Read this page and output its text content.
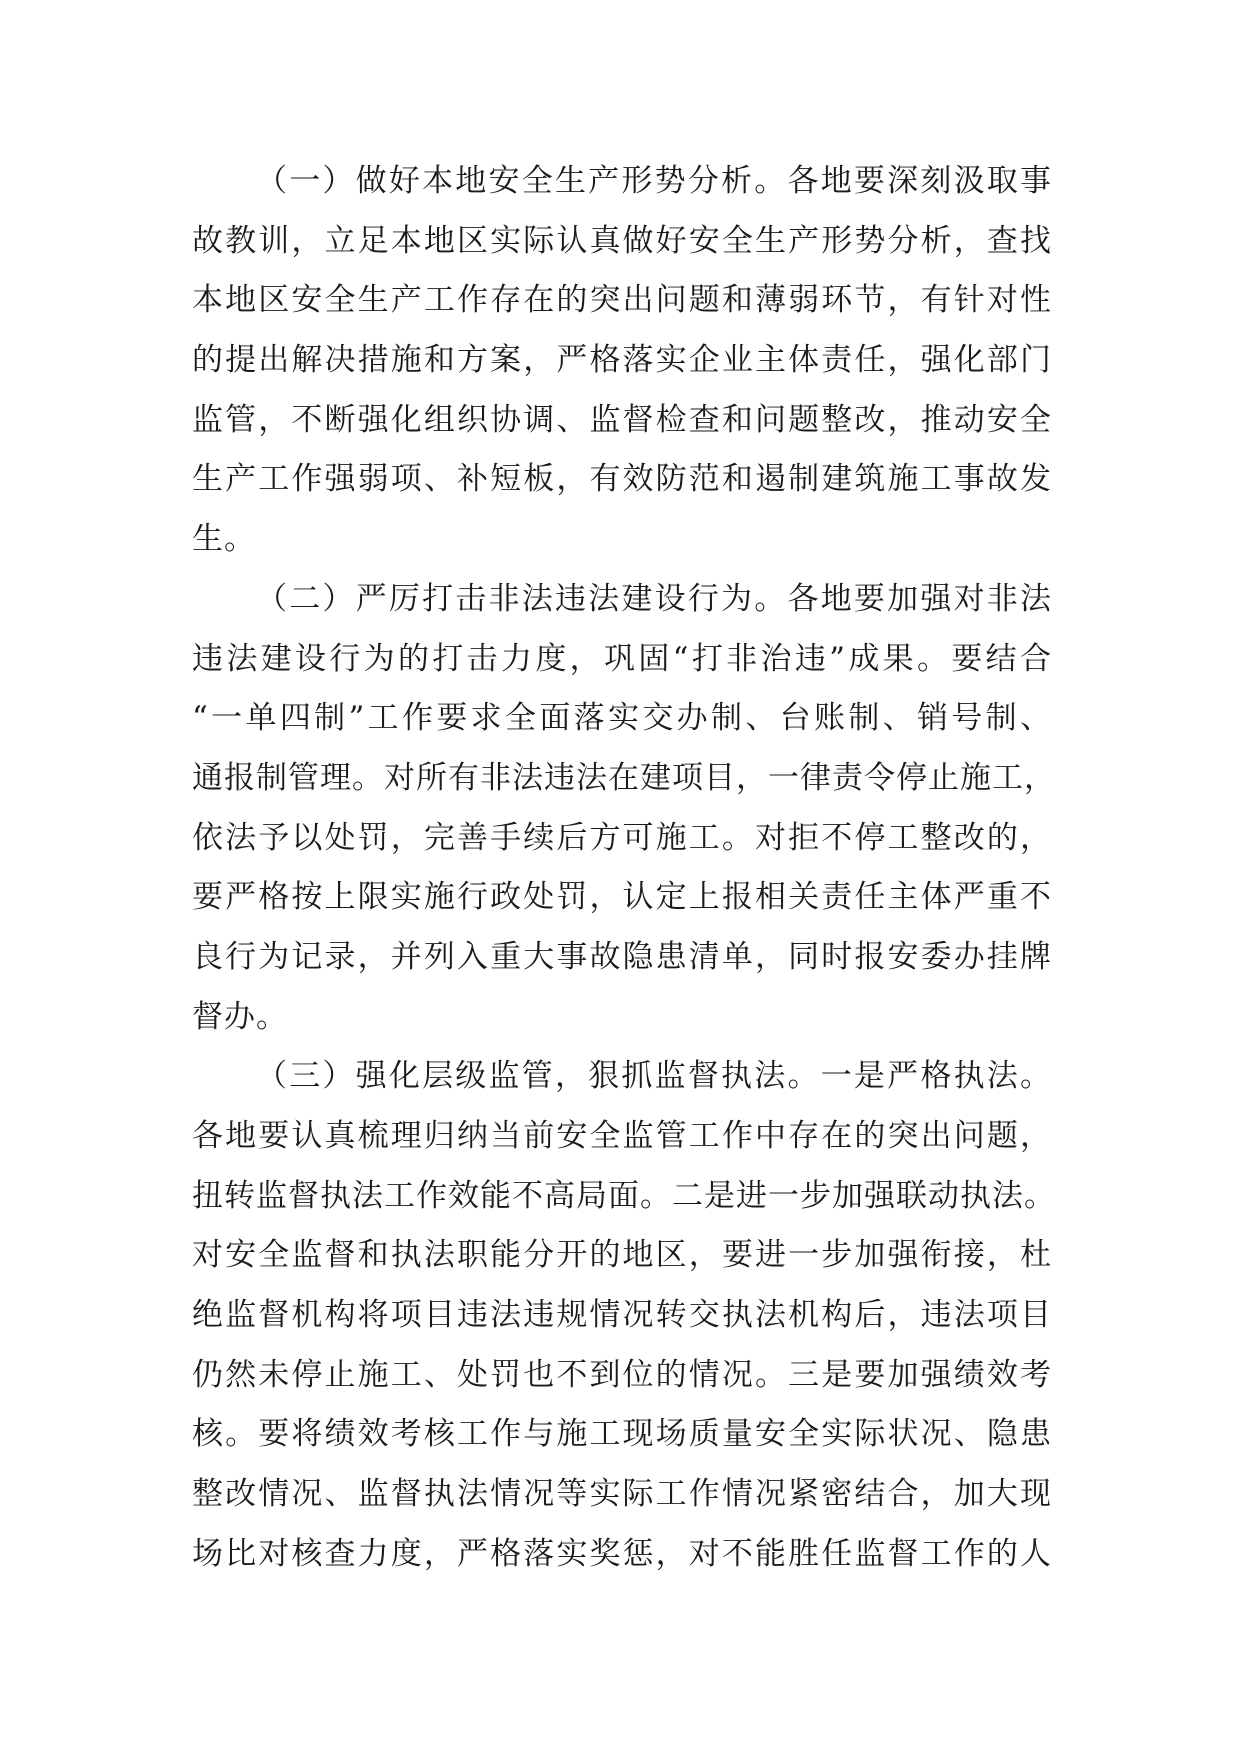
（一）做好本地安全生产形势分析。各地要深刻汲取事
故教训，立足本地区实际认真做好安全生产形势分析，查找
本地区安全生产工作存在的突出问题和薄弱环节，有针对性
的提出解决措施和方案，严格落实企业主体责任，强化部门
监管，不断强化组织协调、监督检查和问题整改，推动安全
生产工作强弱项、补短板，有效防范和遏制建筑施工事故发
生。
（二）严厉打击非法违法建设行为。各地要加强对非法
违法建设行为的打击力度，巩固“打非治违”成果。要结合
“一单四制”工作要求全面落实交办制、台账制、销号制、
通报制管理。对所有非法违法在建项目，一律责令停止施工，
依法予以处罚，完善手续后方可施工。对拒不停工整改的，
要严格按上限实施行政处罚，认定上报相关责任主体严重不
良行为记录，并列入重大事故隐患清单，同时报安委办挂牌
督办。
（三）强化层级监管，狠抓监督执法。一是严格执法。
各地要认真梳理归纳当前安全监管工作中存在的突出问题，
扭转监督执法工作效能不高局面。二是进一步加强联动执法。
对安全监督和执法职能分开的地区，要进一步加强衔接，杜
绝监督机构将项目违法违规情况转交执法机构后，违法项目
仍然未停止施工、处罚也不到位的情况。三是要加强绩效考
核。要将绩效考核工作与施工现场质量安全实际状况、隐患
整改情况、监督执法情况等实际工作情况紧密结合，加大现
场比对核查力度，严格落实奖惩，对不能胜任监督工作的人
